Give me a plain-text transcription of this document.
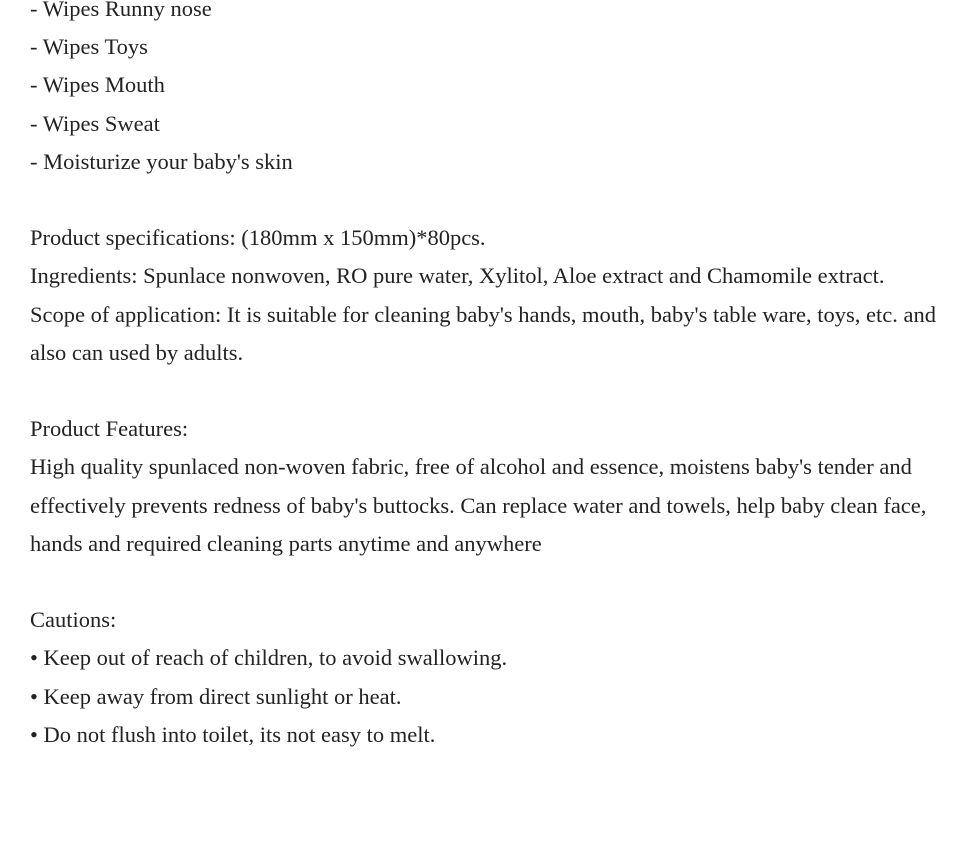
- Wipes Runny nose
- Wipes Toys
- Wipes Mouth
- Wipes Sweat
- Moisturize your baby's skin
Product specifications: (180mm x 150mm)*80pcs.
Ingredients: Spunlace nonwoven, RO pure water, Xylitol, Aloe extract and Chamomile extract.
Scope of application: It is suitable for cleaning baby's hands, mouth, baby's table ware, toys, etc. and also can used by adults.
Product Features:
High quality spunlaced non-woven fabric, free of alcohol and essence, moistens baby's tender and effectively prevents redness of baby's buttocks. Can replace water and towels, help baby clean face, hands and required cleaning parts anytime and anywhere
Cautions:
• Keep out of reach of children, to avoid swallowing.
• Keep away from direct sunlight or heat.
• Do not flush into toilet, its not easy to melt.
